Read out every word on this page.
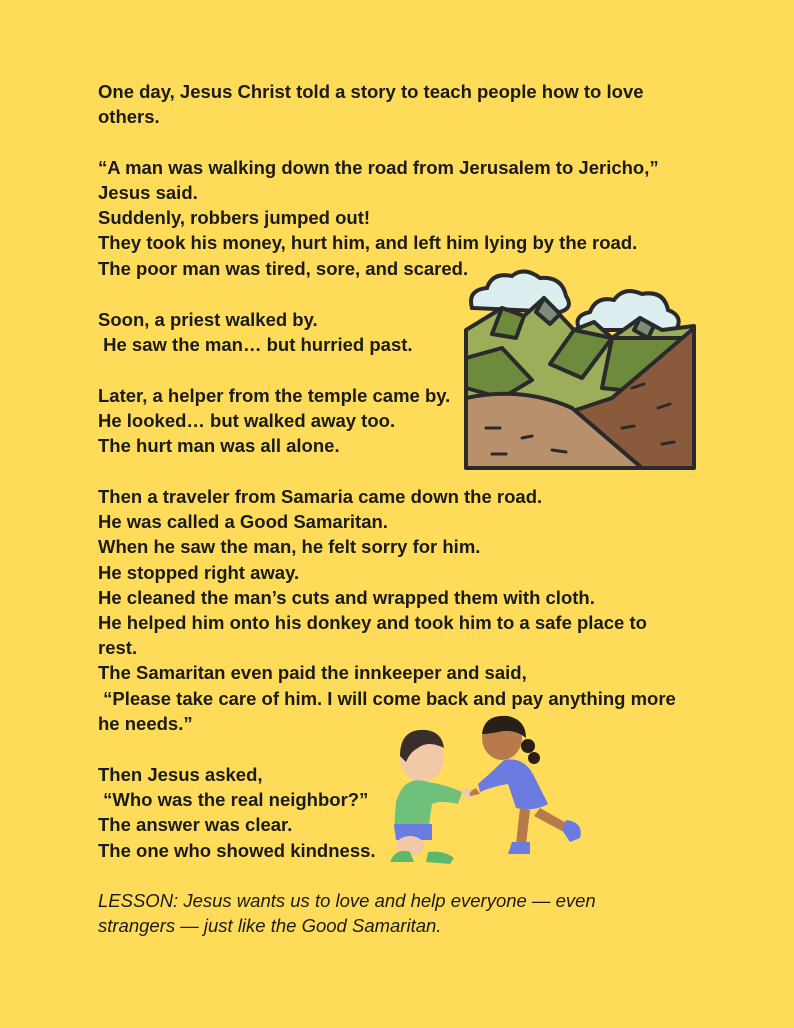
One day, Jesus Christ told a story to teach people how to love
others.
“A man was walking down the road from Jerusalem to Jericho,”
Jesus said.
Suddenly, robbers jumped out!
They took his money, hurt him, and left him lying by the road.
The poor man was tired, sore, and scared.
Soon, a priest walked by.
He saw the man… but hurried past.
Later, a helper from the temple came by.
He looked… but walked away too.
The hurt man was all alone.
Then a traveler from Samaria came down the road.
He was called a Good Samaritan.
When he saw the man, he felt sorry for him.
He stopped right away.
He cleaned the man’s cuts and wrapped them with cloth.
He helped him onto his donkey and took him to a safe place to
rest.
The Samaritan even paid the innkeeper and said,
“Please take care of him. I will come back and pay anything more
he needs.”
Then Jesus asked,
“Who was the real neighbor?”
The answer was clear.
The one who showed kindness.
LESSON: Jesus wants us to love and help everyone — even
strangers — just like the Good Samaritan.
